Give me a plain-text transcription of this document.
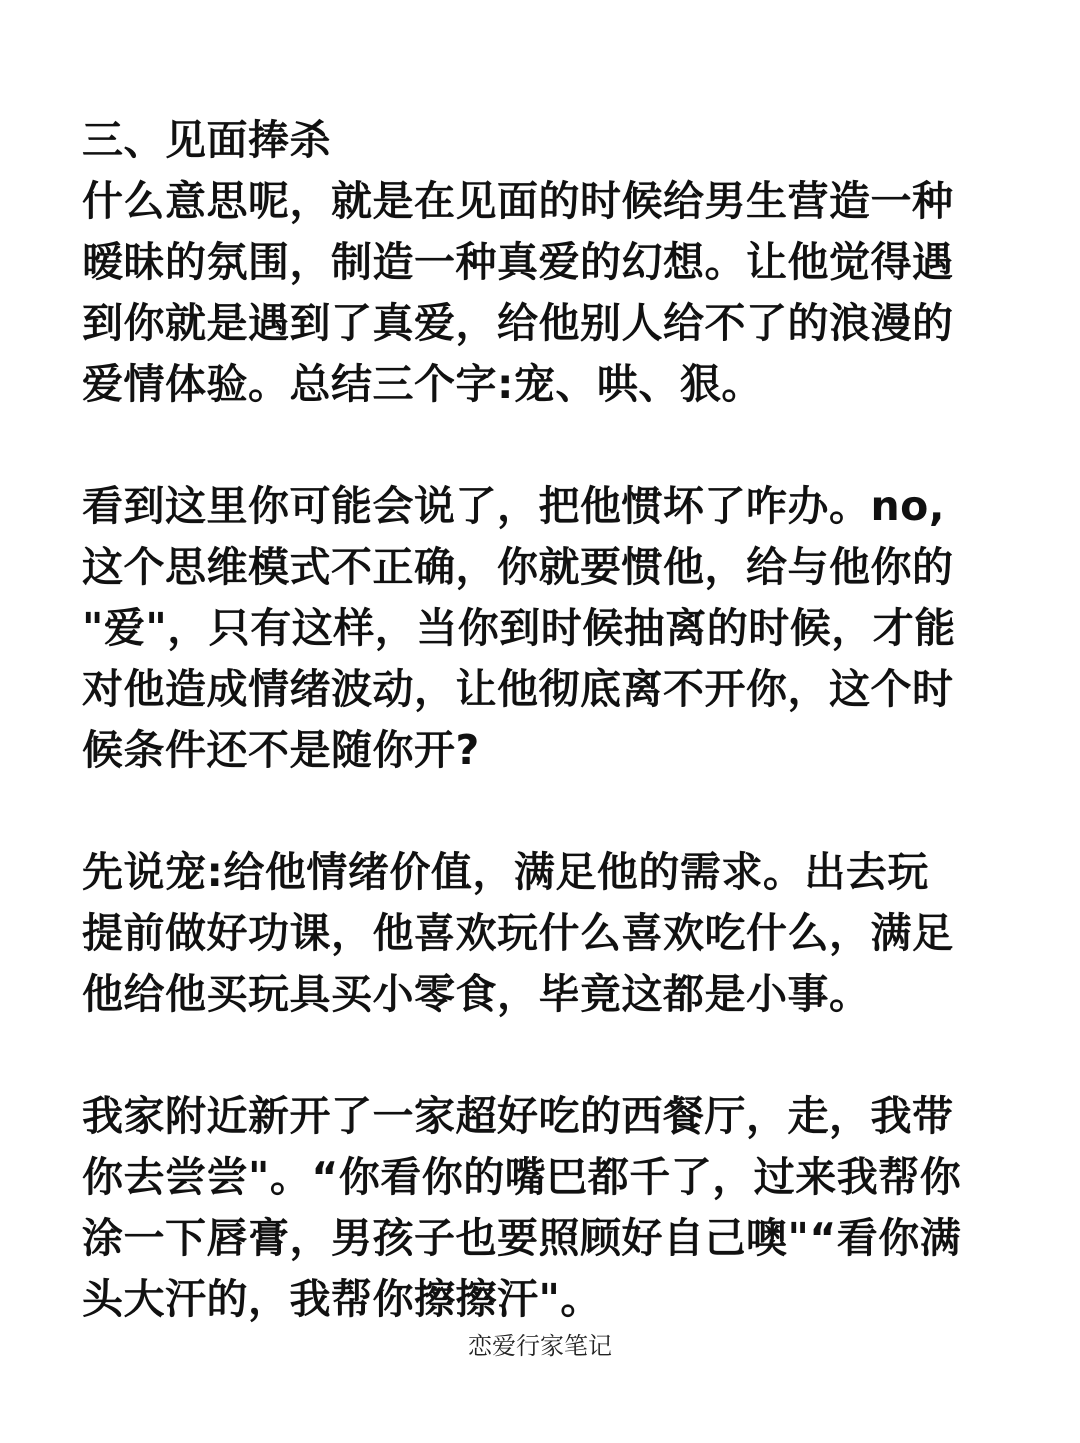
三、见面捧杀
什么意思呢，就是在见面的时候给男生营造一种
暧昧的氛围，制造一种真爱的幻想。让他觉得遇
到你就是遇到了真爱，给他别人给不了的浪漫的
爱情体验。总结三个字:宠、哄、狠。
看到这里你可能会说了，把他惯坏了咋办。no,
这个思维模式不正确，你就要惯他，给与他你的
"爱"，只有这样，当你到时候抽离的时候，才能
对他造成情绪波动，让他彻底离不开你，这个时
候条件还不是随你开?
先说宠:给他情绪价值，满足他的需求。出去玩
提前做好功课，他喜欢玩什么喜欢吃什么，满足
他给他买玩具买小零食，毕竟这都是小事。
我家附近新开了一家超好吃的西餐厅，走，我带
你去尝尝"。“你看你的嘴巴都千了，过来我帮你
涂一下唇膏，男孩子也要照顾好自己噢"“看你满
头大汗的，我帮你擦擦汗"。
恋爱行家笔记
